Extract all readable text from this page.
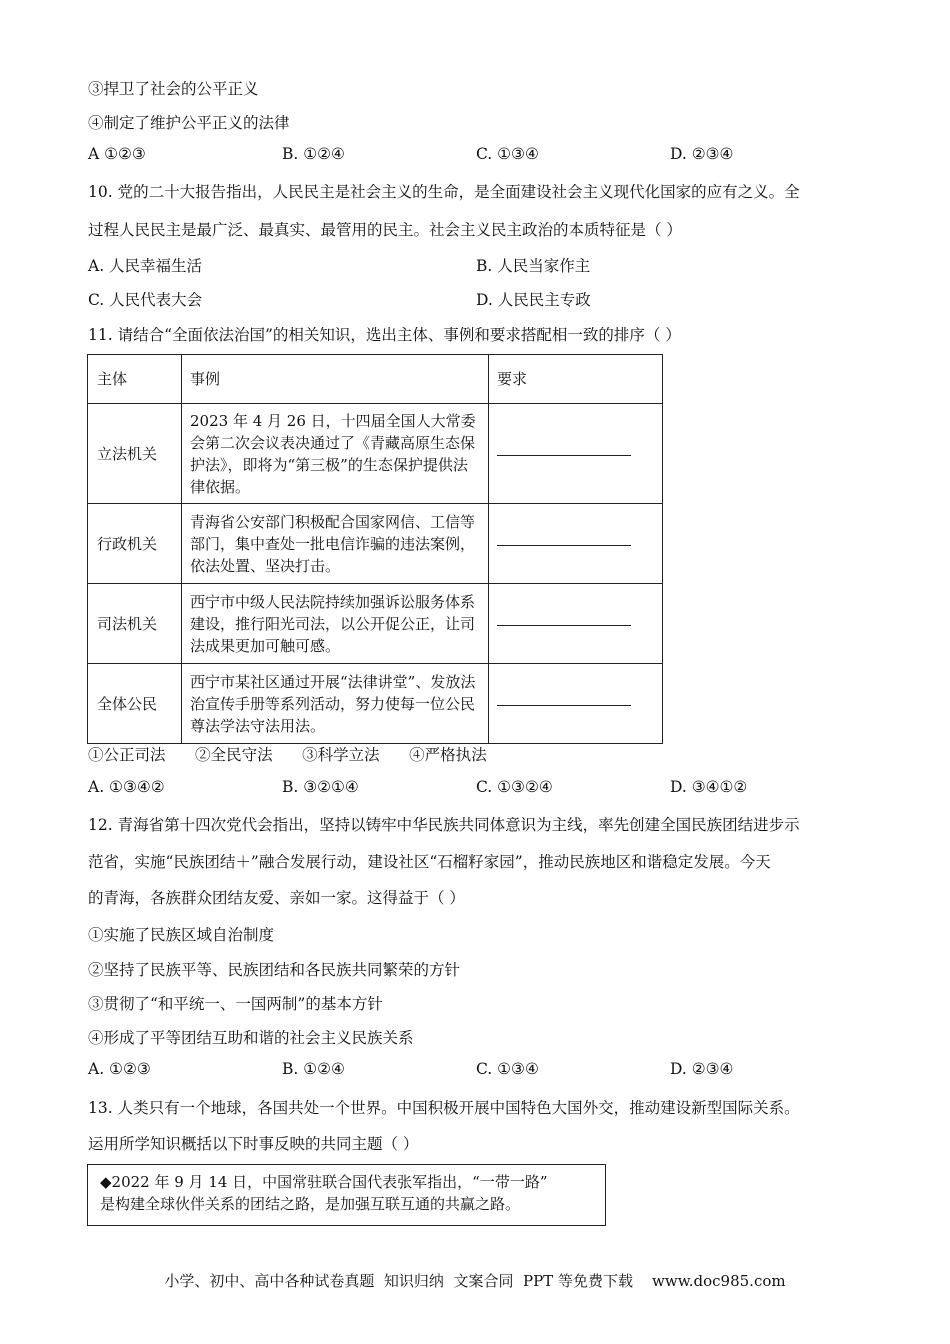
③捍卫了社会的公平正义
④制定了维护公平正义的法律
A ①②③	B. ①②④	C. ①③④	D. ②③④
10. 党的二十大报告指出，人民民主是社会主义的生命，是全面建设社会主义现代化国家的应有之义。全
过程人民民主是最广泛、最真实、最管用的民主。社会主义民主政治的本质特征是（ ）
A. 人民幸福生活	B. 人民当家作主
C. 人民代表大会	D. 人民民主专政
11. 请结合“全面依法治国”的相关知识，选出主体、事例和要求搭配相一致的排序（ ）
主体	事例	要求
立法机关	2023 年 4 月 26 日，十四届全国人大常委会第二次会议表决通过了《青藏高原生态保护法》，即将为“第三极”的生态保护提供法律依据。	
行政机关	青海省公安部门积极配合国家网信、工信等部门，集中查处一批电信诈骗的违法案例，依法处置、坚决打击。	
司法机关	西宁市中级人民法院持续加强诉讼服务体系建设，推行阳光司法，以公开促公正，让司法成果更加可触可感。	
全体公民	西宁市某社区通过开展“法律讲堂”、发放法治宣传手册等系列活动，努力使每一位公民尊法学法守法用法。	
①公正司法      ②全民守法      ③科学立法      ④严格执法
A. ①③④②	B. ③②①④	C. ①③②④	D. ③④①②
12. 青海省第十四次党代会指出，坚持以铸牢中华民族共同体意识为主线，率先创建全国民族团结进步示
范省，实施“民族团结＋”融合发展行动，建设社区“石榴籽家园”，推动民族地区和谐稳定发展。今天
的青海，各族群众团结友爱、亲如一家。这得益于（ ）
①实施了民族区域自治制度
②坚持了民族平等、民族团结和各民族共同繁荣的方针
③贯彻了“和平统一、一国两制”的基本方针
④形成了平等团结互助和谐的社会主义民族关系
A. ①②③	B. ①②④	C. ①③④	D. ②③④
13. 人类只有一个地球，各国共处一个世界。中国积极开展中国特色大国外交，推动建设新型国际关系。
运用所学知识概括以下时事反映的共同主题（ ）
◆2022 年 9 月 14 日，中国常驻联合国代表张军指出，“一带一路”
是构建全球伙伴关系的团结之路，是加强互联互通的共赢之路。
小学、初中、高中各种试卷真题  知识归纳  文案合同  PPT 等免费下载    www.doc985.com
